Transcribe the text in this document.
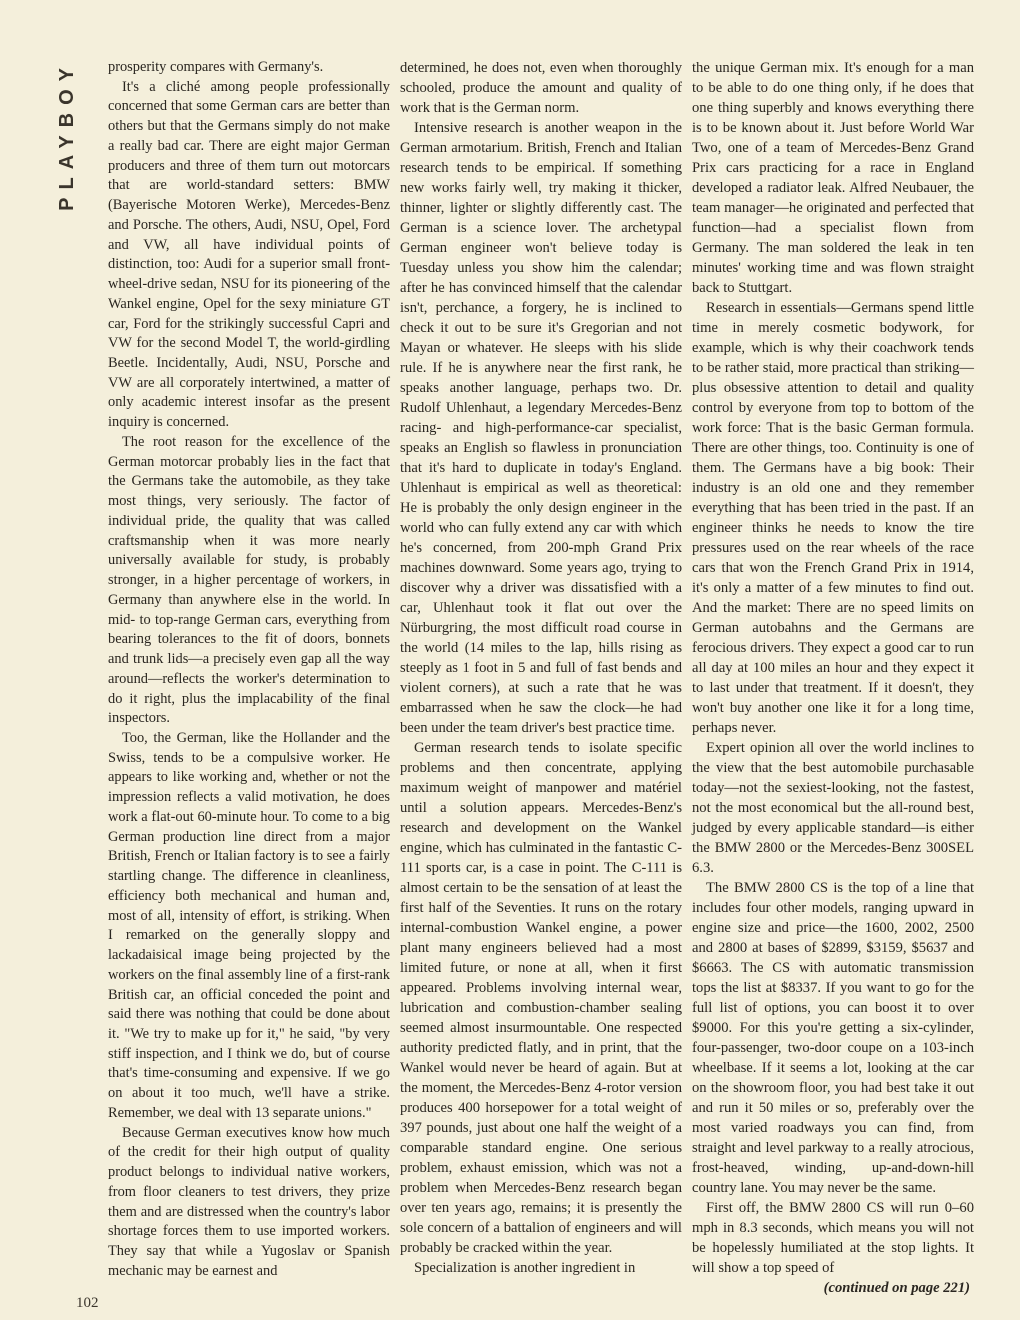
PLAYBOY prosperity compares with Germany's.

It's a cliché among people professionally concerned that some German cars are better than others but that the Germans simply do not make a really bad car. There are eight major German producers and three of them turn out motorcars that are world-standard setters: BMW (Bayerische Motoren Werke), Mercedes-Benz and Porsche. The others, Audi, NSU, Opel, Ford and VW, all have individual points of distinction, too: Audi for a superior small front-wheel-drive sedan, NSU for its pioneering of the Wankel engine, Opel for the sexy miniature GT car, Ford for the strikingly successful Capri and VW for the second Model T, the world-girdling Beetle. Incidentally, Audi, NSU, Porsche and VW are all corporately intertwined, a matter of only academic interest insofar as the present inquiry is concerned.

The root reason for the excellence of the German motorcar probably lies in the fact that the Germans take the automobile, as they take most things, very seriously. The factor of individual pride, the quality that was called craftsmanship when it was more nearly universally available for study, is probably stronger, in a higher percentage of workers, in Germany than anywhere else in the world. In mid- to top-range German cars, everything from bearing tolerances to the fit of doors, bonnets and trunk lids—a precisely even gap all the way around—reflects the worker's determination to do it right, plus the implacability of the final inspectors.

Too, the German, like the Hollander and the Swiss, tends to be a compulsive worker. He appears to like working and, whether or not the impression reflects a valid motivation, he does work a flat-out 60-minute hour. To come to a big German production line direct from a major British, French or Italian factory is to see a fairly startling change. The difference in cleanliness, efficiency both mechanical and human and, most of all, intensity of effort, is striking. When I remarked on the generally sloppy and lackadaisical image being projected by the workers on the final assembly line of a first-rank British car, an official conceded the point and said there was nothing that could be done about it. "We try to make up for it," he said, "by very stiff inspection, and I think we do, but of course that's time-consuming and expensive. If we go on about it too much, we'll have a strike. Remember, we deal with 13 separate unions."

Because German executives know how much of the credit for their high output of quality product belongs to individual native workers, from floor cleaners to test drivers, they prize them and are distressed when the country's labor shortage forces them to use imported workers. They say that while a Yugoslav or Spanish mechanic may be earnest and

determined, he does not, even when thoroughly schooled, produce the amount and quality of work that is the German norm.

Intensive research is another weapon in the German armotarium. British, French and Italian research tends to be empirical. If something new works fairly well, try making it thicker, thinner, lighter or slightly differently cast. The German is a science lover. The archetypal German engineer won't believe today is Tuesday unless you show him the calendar; after he has convinced himself that the calendar isn't, perchance, a forgery, he is inclined to check it out to be sure it's Gregorian and not Mayan or whatever. He sleeps with his slide rule. If he is anywhere near the first rank, he speaks another language, perhaps two. Dr. Rudolf Uhlenhaut, a legendary Mercedes-Benz racing- and high-performance-car specialist, speaks an English so flawless in pronunciation that it's hard to duplicate in today's England. Uhlenhaut is empirical as well as theoretical: He is probably the only design engineer in the world who can fully extend any car with which he's concerned, from 200-mph Grand Prix machines downward. Some years ago, trying to discover why a driver was dissatisfied with a car, Uhlenhaut took it flat out over the Nürburgring, the most difficult road course in the world (14 miles to the lap, hills rising as steeply as 1 foot in 5 and full of fast bends and violent corners), at such a rate that he was embarrassed when he saw the clock—he had been under the team driver's best practice time.

German research tends to isolate specific problems and then concentrate, applying maximum weight of manpower and matériel until a solution appears. Mercedes-Benz's research and development on the Wankel engine, which has culminated in the fantastic C-111 sports car, is a case in point. The C-111 is almost certain to be the sensation of at least the first half of the Seventies. It runs on the rotary internal-combustion Wankel engine, a power plant many engineers believed had a most limited future, or none at all, when it first appeared. Problems involving internal wear, lubrication and combustion-chamber sealing seemed almost insurmountable. One respected authority predicted flatly, and in print, that the Wankel would never be heard of again. But at the moment, the Mercedes-Benz 4-rotor version produces 400 horsepower for a total weight of 397 pounds, just about one half the weight of a comparable standard engine. One serious problem, exhaust emission, which was not a problem when Mercedes-Benz research began over ten years ago, remains; it is presently the sole concern of a battalion of engineers and will probably be cracked within the year.

Specialization is another ingredient in

the unique German mix. It's enough for a man to be able to do one thing only, if he does that one thing superbly and knows everything there is to be known about it. Just before World War Two, one of a team of Mercedes-Benz Grand Prix cars practicing for a race in England developed a radiator leak. Alfred Neubauer, the team manager—he originated and perfected that function—had a specialist flown from Germany. The man soldered the leak in ten minutes' working time and was flown straight back to Stuttgart.

Research in essentials—Germans spend little time in merely cosmetic bodywork, for example, which is why their coachwork tends to be rather staid, more practical than striking—plus obsessive attention to detail and quality control by everyone from top to bottom of the work force: That is the basic German formula. There are other things, too. Continuity is one of them. The Germans have a big book: Their industry is an old one and they remember everything that has been tried in the past. If an engineer thinks he needs to know the tire pressures used on the rear wheels of the race cars that won the French Grand Prix in 1914, it's only a matter of a few minutes to find out. And the market: There are no speed limits on German autobahns and the Germans are ferocious drivers. They expect a good car to run all day at 100 miles an hour and they expect it to last under that treatment. If it doesn't, they won't buy another one like it for a long time, perhaps never.

Expert opinion all over the world inclines to the view that the best automobile purchasable today—not the sexiest-looking, not the fastest, not the most economical but the all-round best, judged by every applicable standard—is either the BMW 2800 or the Mercedes-Benz 300SEL 6.3.

The BMW 2800 CS is the top of a line that includes four other models, ranging upward in engine size and price—the 1600, 2002, 2500 and 2800 at bases of $2899, $3159, $5637 and $6663. The CS with automatic transmission tops the list at $8337. If you want to go for the full list of options, you can boost it to over $9000. For this you're getting a six-cylinder, four-passenger, two-door coupe on a 103-inch wheelbase. If it seems a lot, looking at the car on the showroom floor, you had best take it out and run it 50 miles or so, preferably over the most varied roadways you can find, from straight and level parkway to a really atrocious, frost-heaved, winding, up-and-down-hill country lane. You may never be the same.

First off, the BMW 2800 CS will run 0–60 mph in 8.3 seconds, which means you will not be hopelessly humiliated at the stop lights. It will show a top speed of

(continued on page 221)

102
